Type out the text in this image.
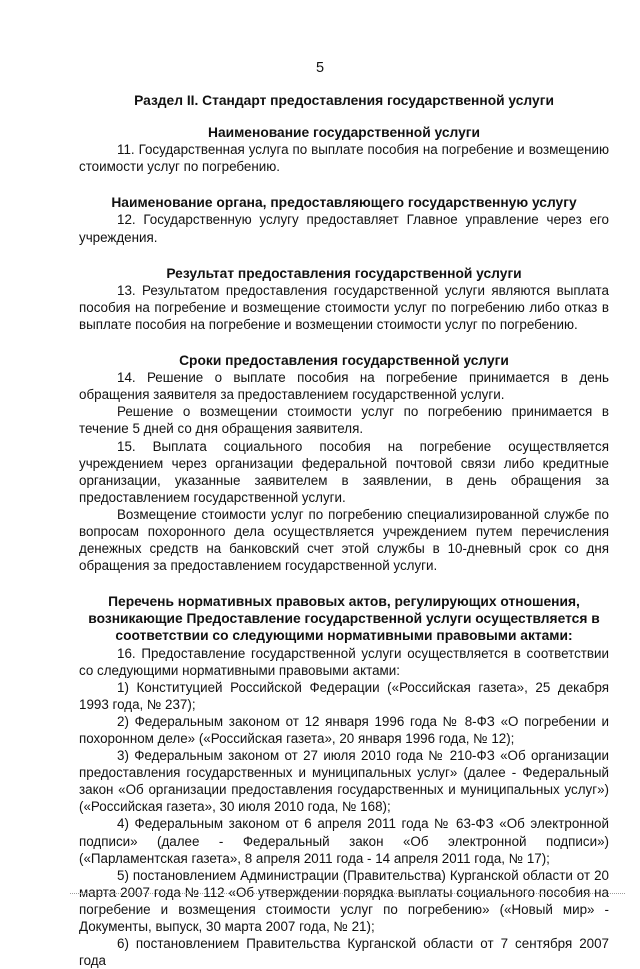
5
Раздел II. Стандарт предоставления государственной услуги
Наименование государственной услуги

11. Государственная услуга по выплате пособия на погребение и возмещению стоимости услуг по погребению.

Наименование органа, предоставляющего государственную услугу

12. Государственную услугу предоставляет Главное управление через его учреждения.

Результат предоставления государственной услуги

13. Результатом предоставления государственной услуги являются выплата пособия на погребение и возмещение стоимости услуг по погребению либо отказ в выплате пособия на погребение и возмещении стоимости услуг по погребению.

Сроки предоставления государственной услуги

14. Решение о выплате пособия на погребение принимается в день обращения заявителя за предоставлением государственной услуги.

Решение о возмещении стоимости услуг по погребению принимается в течение 5 дней со дня обращения заявителя.

15. Выплата социального пособия на погребение осуществляется учреждением через организации федеральной почтовой связи либо кредитные организации, указанные заявителем в заявлении, в день обращения за предоставлением государственной услуги.

Возмещение стоимости услуг по погребению специализированной службе по вопросам похоронного дела осуществляется учреждением путем перечисления денежных средств на банковский счет этой службы в 10-дневный срок со дня обращения за предоставлением государственной услуги.

Перечень нормативных правовых актов, регулирующих отношения, возникающие Предоставление государственной услуги осуществляется в соответствии со следующими нормативными правовыми актами:

16. Предоставление государственной услуги осуществляется в соответствии со следующими нормативными правовыми актами:

1) Конституцией Российской Федерации («Российская газета», 25 декабря 1993 года, № 237);

2) Федеральным законом от 12 января 1996 года № 8-ФЗ «О погребении и похоронном деле» («Российская газета», 20 января 1996 года, № 12);

3) Федеральным законом от 27 июля 2010 года № 210-ФЗ «Об организации предоставления государственных и муниципальных услуг» (далее - Федеральный закон «Об организации предоставления государственных и муниципальных услуг») («Российская газета», 30 июля 2010 года, № 168);

4) Федеральным законом от 6 апреля 2011 года № 63-ФЗ «Об электронной подписи» (далее - Федеральный закон «Об электронной подписи») («Парламентская газета», 8 апреля 2011 года - 14 апреля 2011 года, № 17);

5) постановлением Администрации (Правительства) Курганской области от 20 марта 2007 года № 112 «Об утверждении порядка выплаты социального пособия на погребение и возмещения стоимости услуг по погребению» («Новый мир» - Документы, выпуск, 30 марта 2007 года, № 21);

6) постановлением Правительства Курганской области от 7 сентября 2007 года
